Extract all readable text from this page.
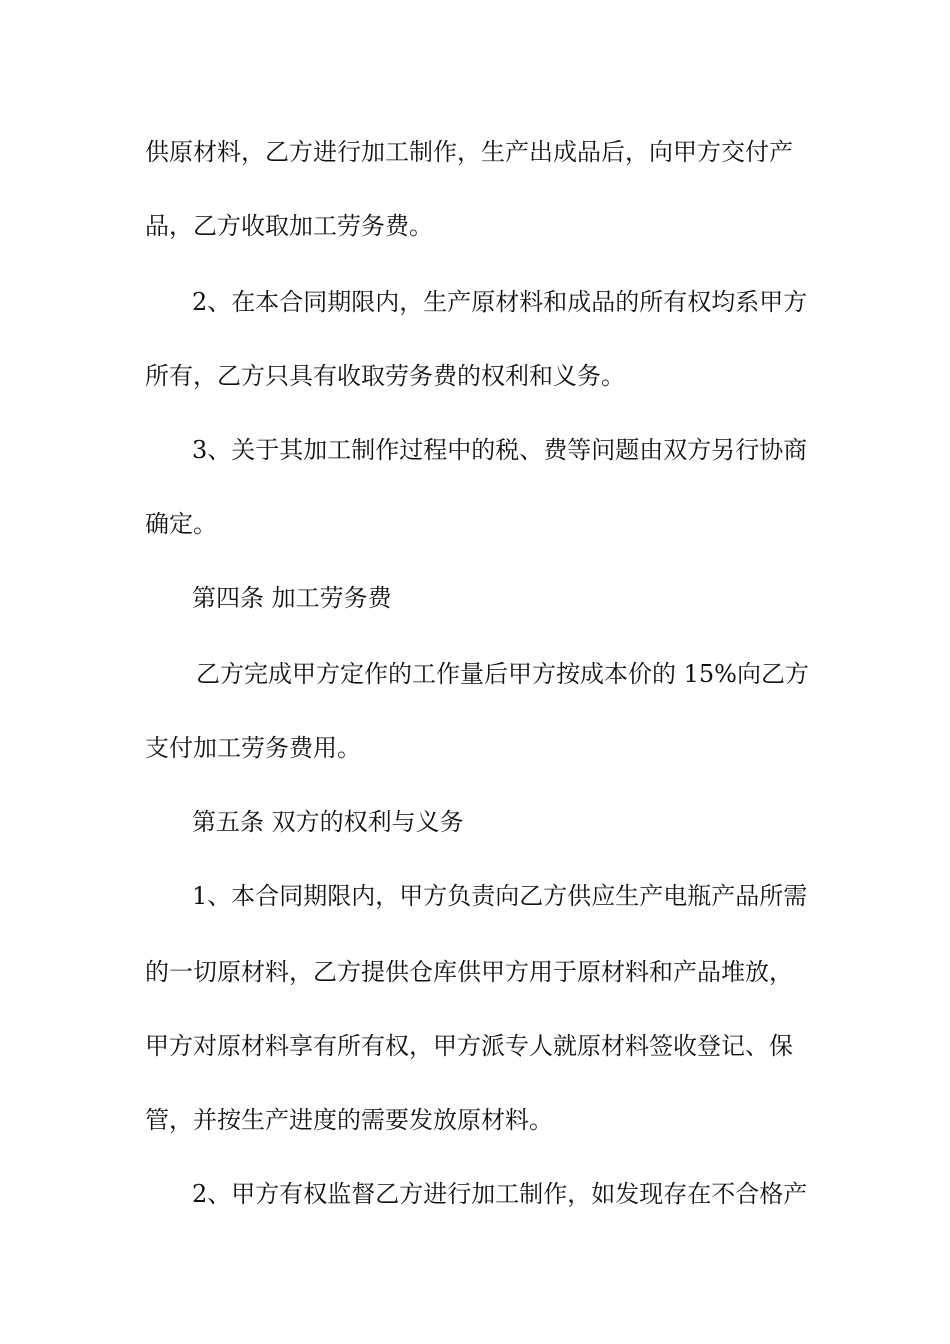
供原材料，乙方进行加工制作，生产出成品后，向甲方交付产
品，乙方收取加工劳务费。
2、在本合同期限内，生产原材料和成品的所有权均系甲方
所有，乙方只具有收取劳务费的权利和义务。
3、关于其加工制作过程中的税、费等问题由双方另行协商
确定。
第四条 加工劳务费
乙方完成甲方定作的工作量后甲方按成本价的 15%向乙方
支付加工劳务费用。
第五条 双方的权利与义务
1、本合同期限内，甲方负责向乙方供应生产电瓶产品所需
的一切原材料，乙方提供仓库供甲方用于原材料和产品堆放，
甲方对原材料享有所有权，甲方派专人就原材料签收登记、保
管，并按生产进度的需要发放原材料。
2、甲方有权监督乙方进行加工制作，如发现存在不合格产
